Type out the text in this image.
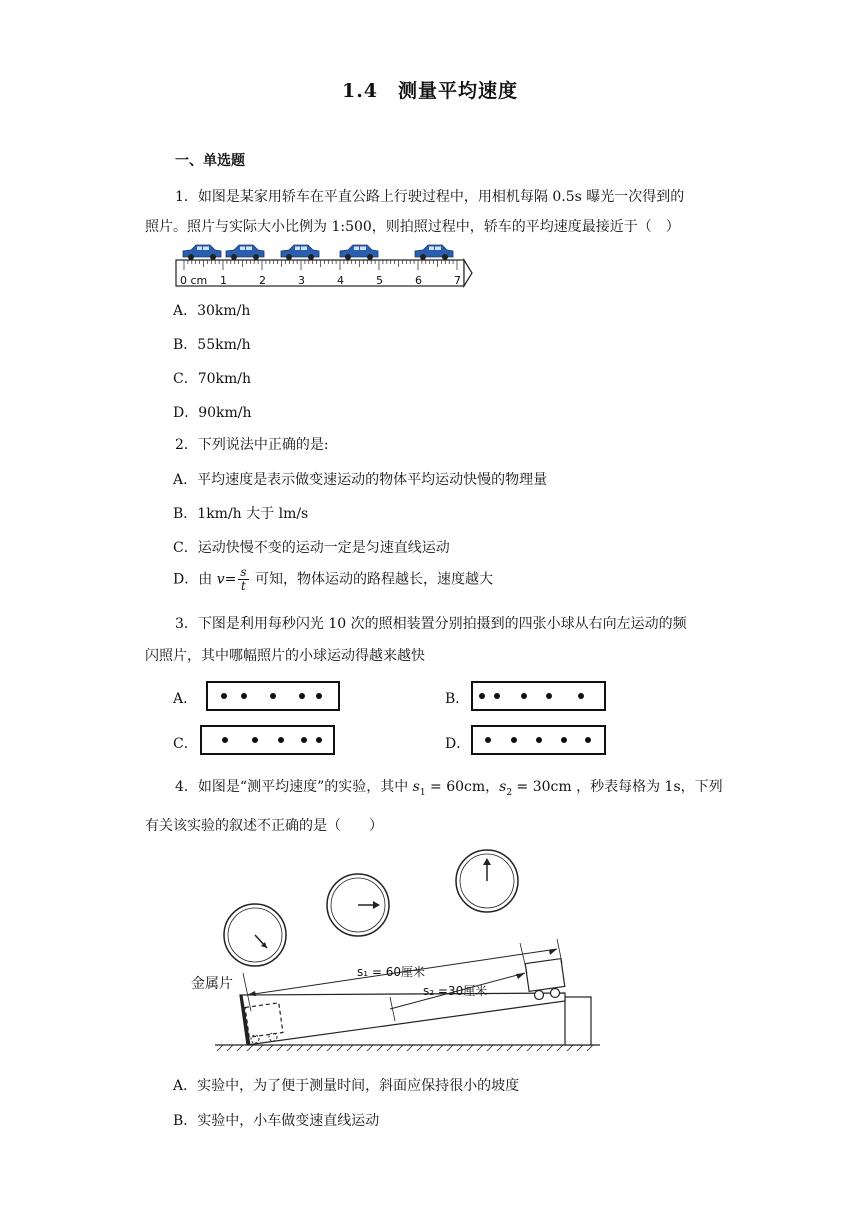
1.4　测量平均速度
一、单选题
1．如图是某家用轿车在平直公路上行驶过程中，用相机每隔 0.5s 曝光一次得到的
照片。照片与实际大小比例为 1:500，则拍照过程中，轿车的平均速度最接近于（　）
0 cm 1	2	3	4	5	6	7
A．30km/h
B．55km/h
C．70km/h
D．90km/h
2．下列说法中正确的是:
A．平均速度是表示做变速运动的物体平均运动快慢的物理量
B．1km/h 大于 lm/s
C．运动快慢不变的运动一定是匀速直线运动
D．由 $v= \frac{s}{t}$ 可知，物体运动的路程越长，速度越大
3．下图是利用每秒闪光 10 次的照相装置分别拍摄到的四张小球从右向左运动的频
闪照片，其中哪幅照片的小球运动得越来越快
A．	B．
C．	D．
4．如图是“测平均速度”的实验，其中 $s_1 = 60cm$，$s_2 = 30cm$ ，秒表每格为 1s，下列
有关该实验的叙述不正确的是（　　）
金属片
s₁ = 60厘米
s₂ =30厘米
A．实验中，为了便于测量时间，斜面应保持很小的坡度
B．实验中，小车做变速直线运动
